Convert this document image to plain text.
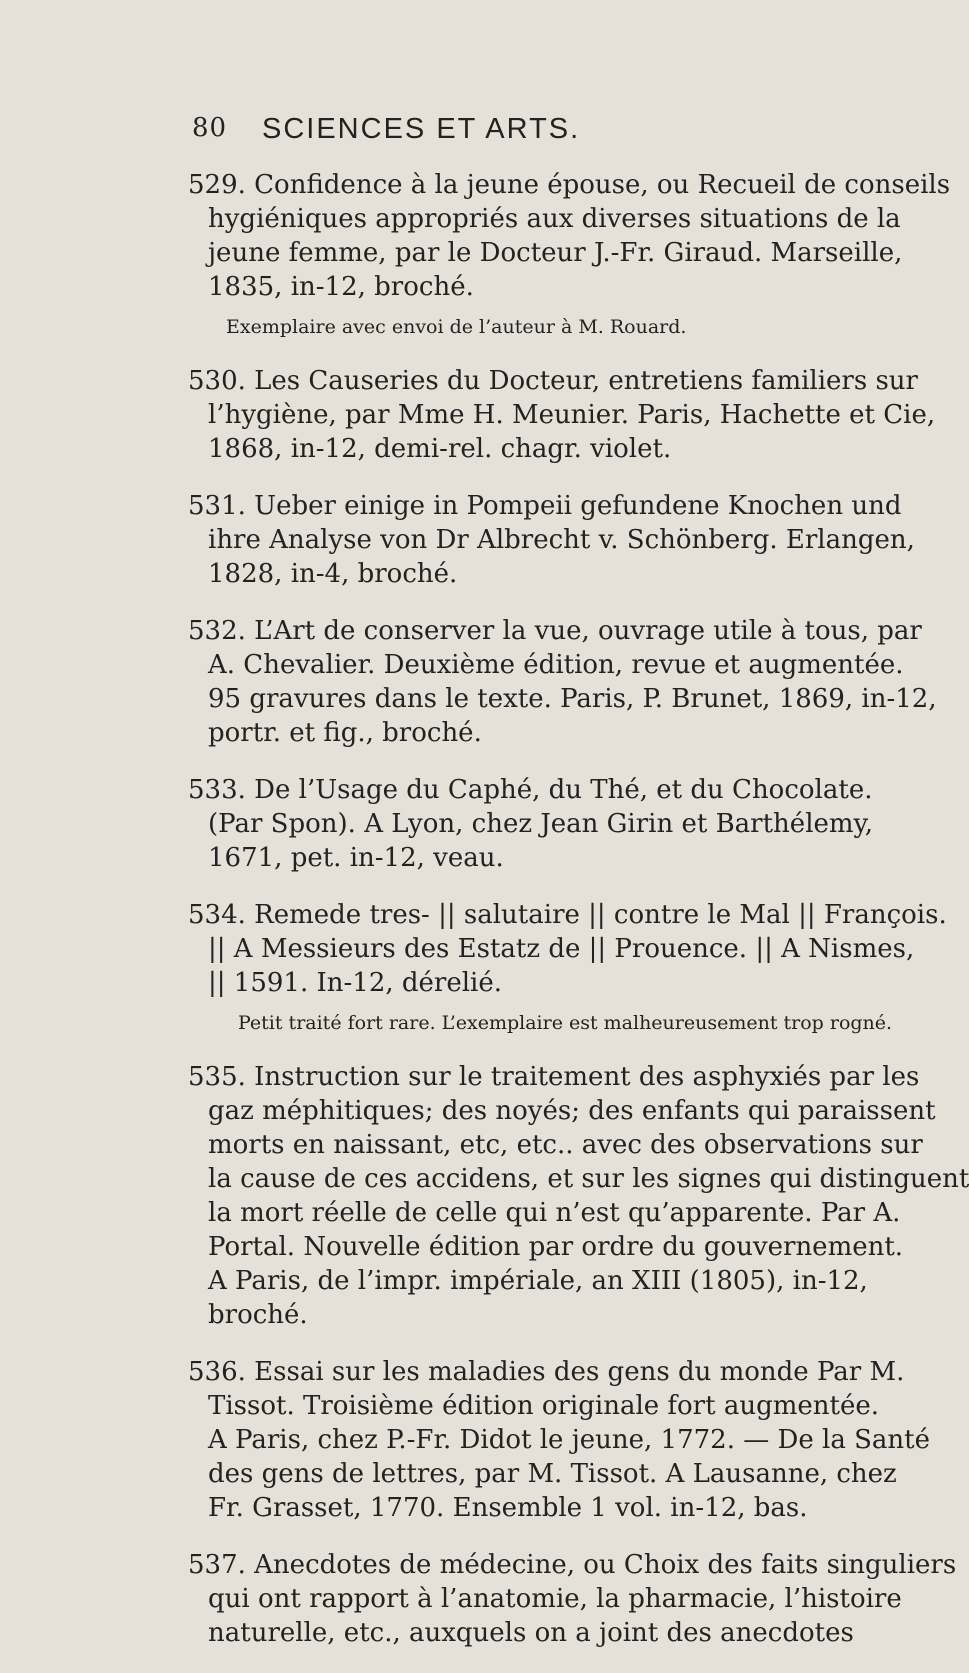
80 SCIENCES ET ARTS.
529. Confidence à la jeune épouse, ou Recueil de conseils
hygiéniques appropriés aux diverses situations de la
jeune femme, par le Docteur J.-Fr. Giraud. Marseille,
1835, in-12, broché.
Exemplaire avec envoi de l’auteur à M. Rouard.
530. Les Causeries du Docteur, entretiens familiers sur
l’hygiène, par Mme H. Meunier. Paris, Hachette et Cie,
1868, in-12, demi-rel. chagr. violet.
531. Ueber einige in Pompeii gefundene Knochen und
ihre Analyse von Dr Albrecht v. Schönberg. Erlangen,
1828, in-4, broché.
532. L’Art de conserver la vue, ouvrage utile à tous, par
A. Chevalier. Deuxième édition, revue et augmentée.
95 gravures dans le texte. Paris, P. Brunet, 1869, in-12,
portr. et fig., broché.
533. De l’Usage du Caphé, du Thé, et du Chocolate.
(Par Spon). A Lyon, chez Jean Girin et Barthélemy,
1671, pet. in-12, veau.
534. Remede tres- || salutaire || contre le Mal || François.
|| A Messieurs des Estatz de || Prouence. || A Nismes,
|| 1591. In-12, dérelié.
Petit traité fort rare. L’exemplaire est malheureusement trop rogné.
535. Instruction sur le traitement des asphyxiés par les
gaz méphitiques; des noyés; des enfants qui paraissent
morts en naissant, etc, etc.. avec des observations sur
la cause de ces accidens, et sur les signes qui distinguent
la mort réelle de celle qui n’est qu’apparente. Par A.
Portal. Nouvelle édition par ordre du gouvernement.
A Paris, de l’impr. impériale, an XIII (1805), in-12,
broché.
536. Essai sur les maladies des gens du monde Par M.
Tissot. Troisième édition originale fort augmentée.
A Paris, chez P.-Fr. Didot le jeune, 1772. — De la Santé
des gens de lettres, par M. Tissot. A Lausanne, chez
Fr. Grasset, 1770. Ensemble 1 vol. in-12, bas.
537. Anecdotes de médecine, ou Choix des faits singuliers
qui ont rapport à l’anatomie, la pharmacie, l’histoire
naturelle, etc., auxquels on a joint des anecdotes
